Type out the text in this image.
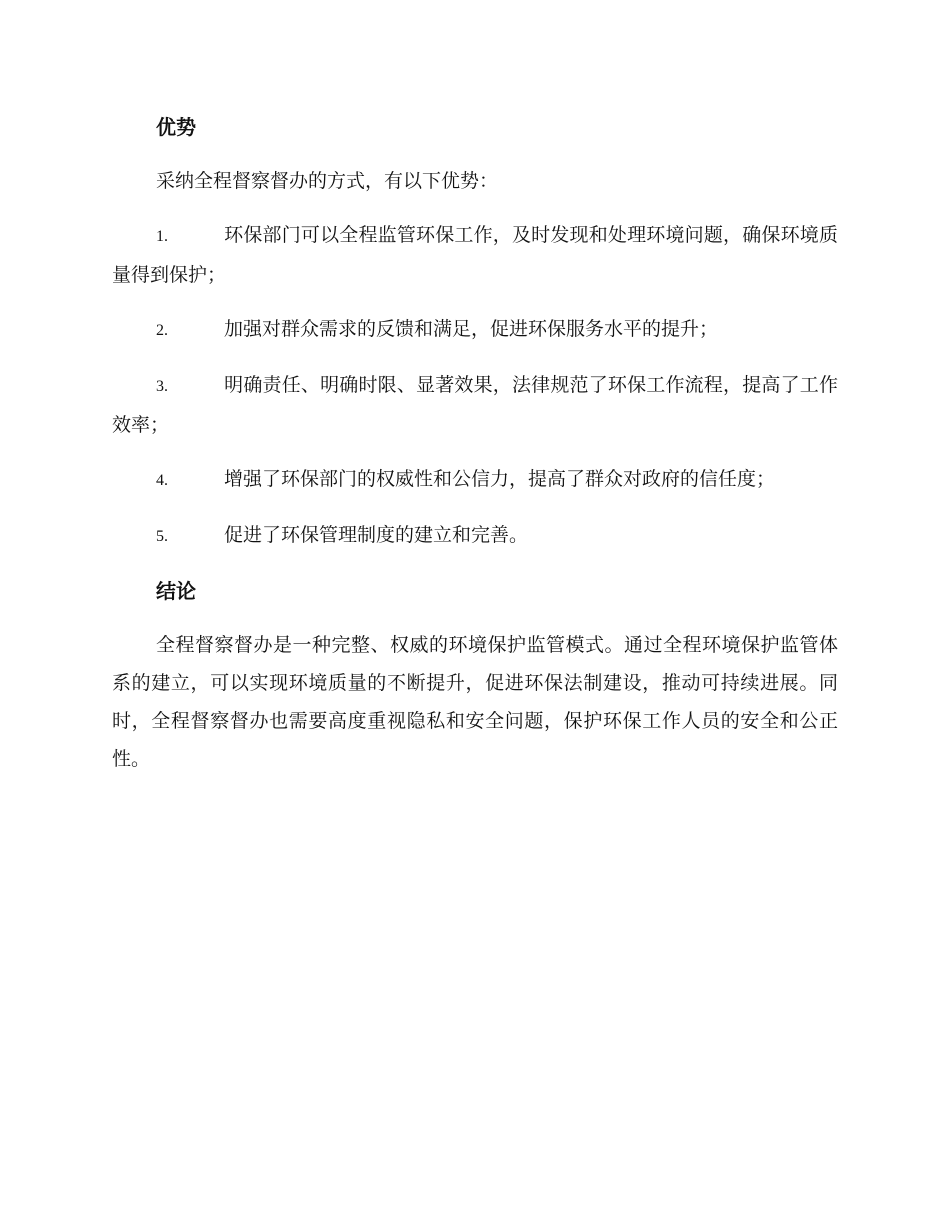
优势

采纳全程督察督办的方式，有以下优势：

1.	环保部门可以全程监管环保工作，及时发现和处理环境问题，确保环境质量得到保护；
2.	加强对群众需求的反馈和满足，促进环保服务水平的提升；
3.	明确责任、明确时限、显著效果，法律规范了环保工作流程，提高了工作效率；
4.	增强了环保部门的权威性和公信力，提高了群众对政府的信任度；
5.	促进了环保管理制度的建立和完善。
结论

全程督察督办是一种完整、权威的环境保护监管模式。通过全程环境保护监管体系的建立，可以实现环境质量的不断提升，促进环保法制建设，推动可持续进展。同时，全程督察督办也需要高度重视隐私和安全问题，保护环保工作人员的安全和公正性。
